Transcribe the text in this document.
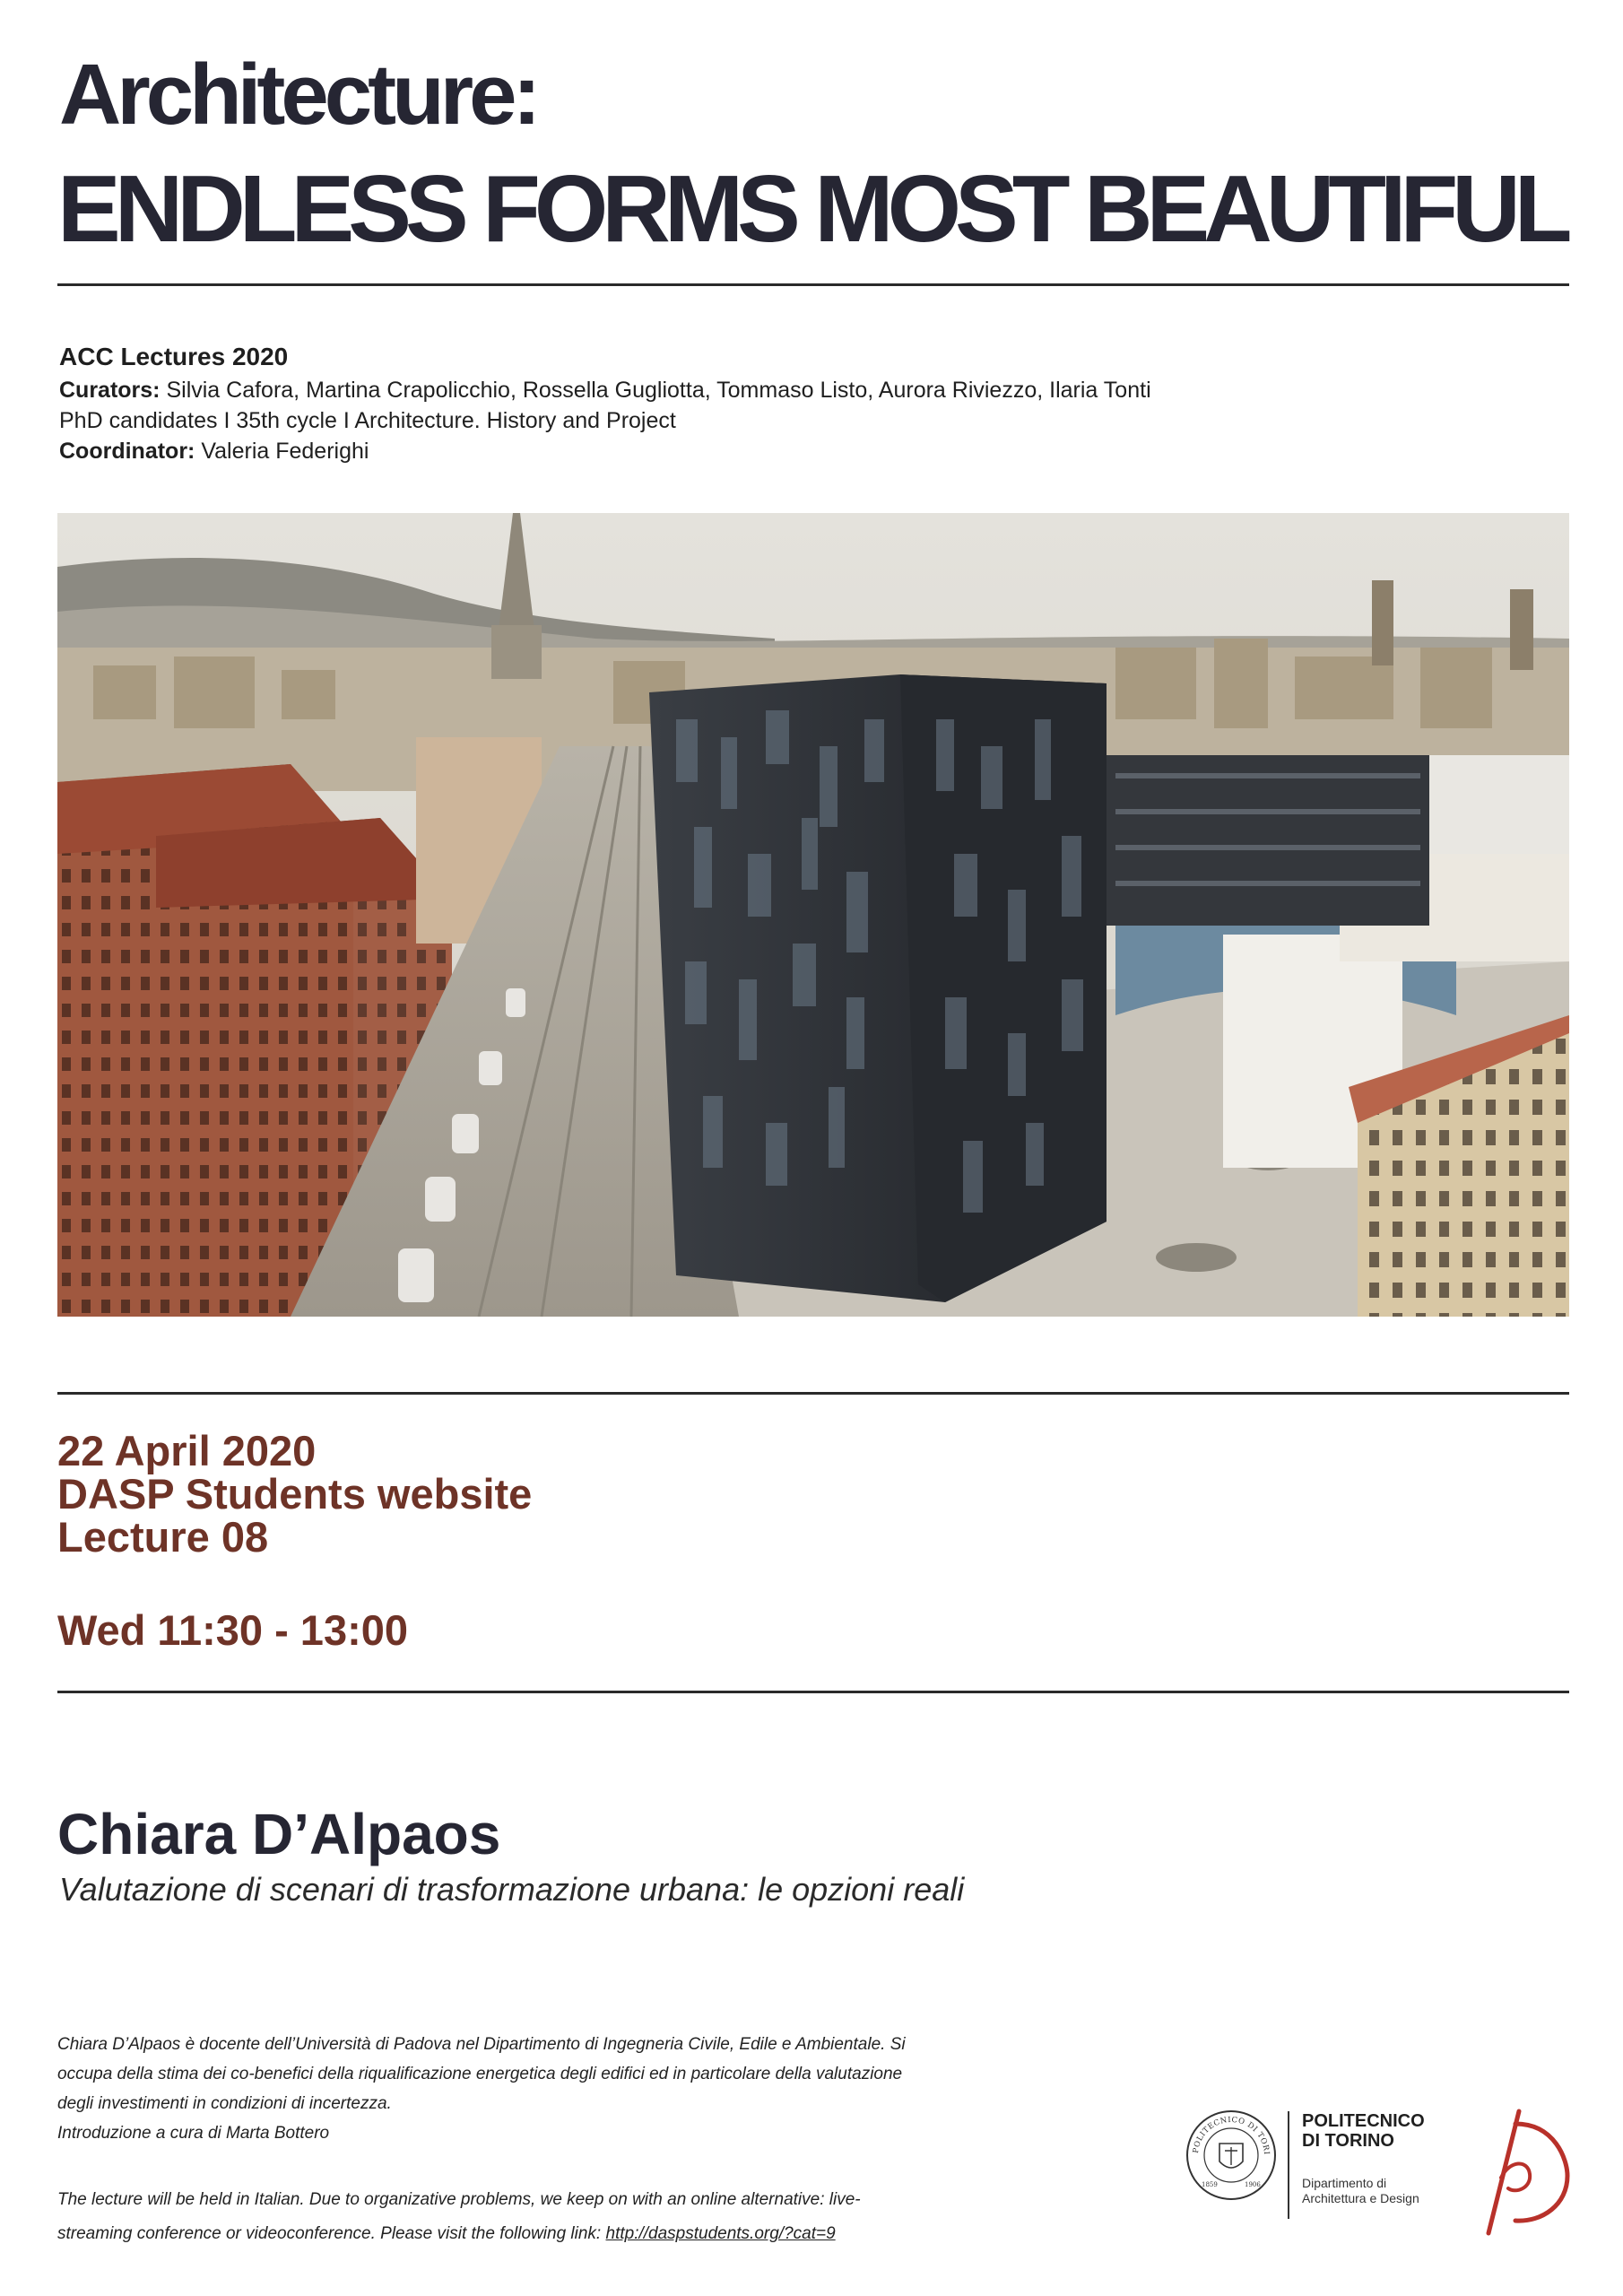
Architecture:
ENDLESS FORMS MOST BEAUTIFUL
ACC Lectures 2020
Curators: Silvia Cafora, Martina Crapolicchio, Rossella Gugliotta, Tommaso Listo, Aurora Riviezzo, Ilaria Tonti
PhD candidates I 35th cycle I Architecture. History and Project
Coordinator: Valeria Federighi
22 April 2020
DASP Students website
Lecture 08
Wed 11:30 - 13:00
Chiara D’Alpaos
Valutazione di scenari di trasformazione urbana: le opzioni reali
Chiara D’Alpaos è docente dell’Università di Padova nel Dipartimento di Ingegneria Civile, Edile e Ambientale. Si occupa della stima dei co-benefici della riqualificazione energetica degli edifici ed in particolare della valutazione degli investimenti in condizioni di incertezza.
Introduzione a cura di Marta Bottero
The lecture will be held in Italian. Due to organizative problems, we keep on with an online alternative: live-streaming conference or videoconference. Please visit the following link: http://daspstudents.org/?cat=9
POLITECNICO DI TORI
1859	1906
POLITECNICO
DI TORINO
Dipartimento di
Architettura e Design
